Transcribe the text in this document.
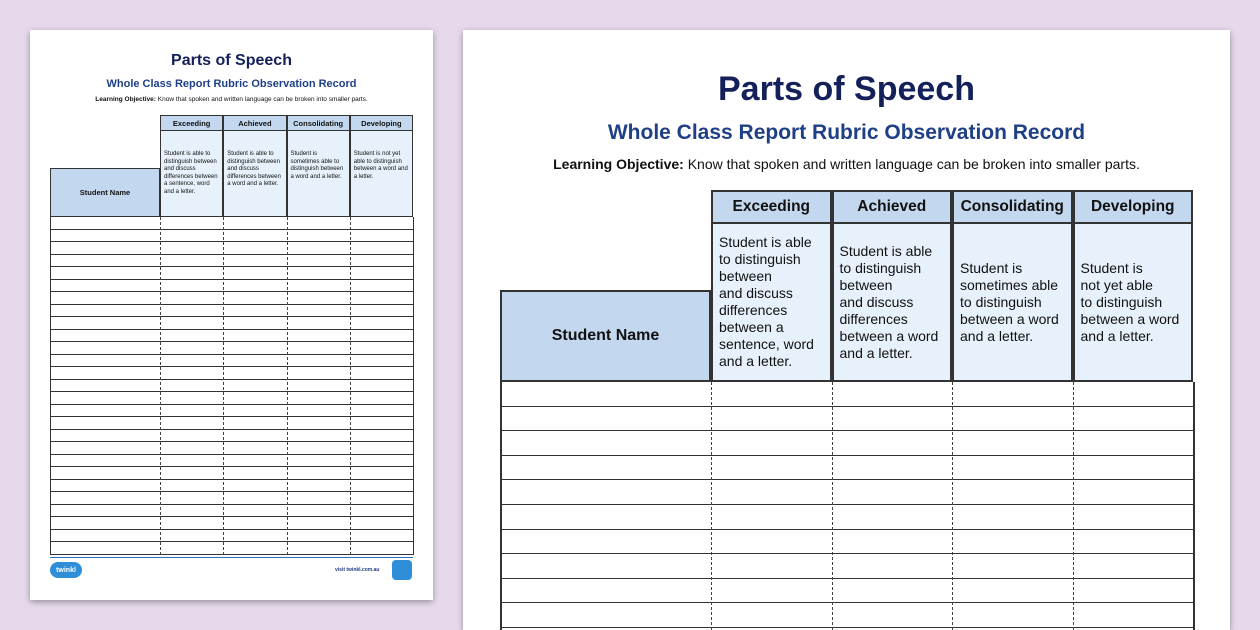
Parts of Speech
Whole Class Report Rubric Observation Record
Learning Objective: Know that spoken and written language can be broken into smaller parts.
Student Name
Exceeding
Student is able to distinguish between and discuss differences between a sentence, word and a letter.
Achieved
Student is able to distinguish between and discuss differences between a word and a letter.
Consolidating
Student is sometimes able to distinguish between a word and a letter.
Developing
Student is not yet able to distinguish between a word and a letter.
twinkl	visit twinkl.com.au
Parts of Speech
Whole Class Report Rubric Observation Record
Learning Objective: Know that spoken and written language can be broken into smaller parts.
Student Name
Exceeding
Student is able
to distinguish
between
and discuss
differences
between a
sentence, word
and a letter.
Achieved
Student is able
to distinguish
between
and discuss
differences
between a word
and a letter.
Consolidating
Student is
sometimes able
to distinguish
between a word
and a letter.
Developing
Student is
not yet able
to distinguish
between a word
and a letter.
